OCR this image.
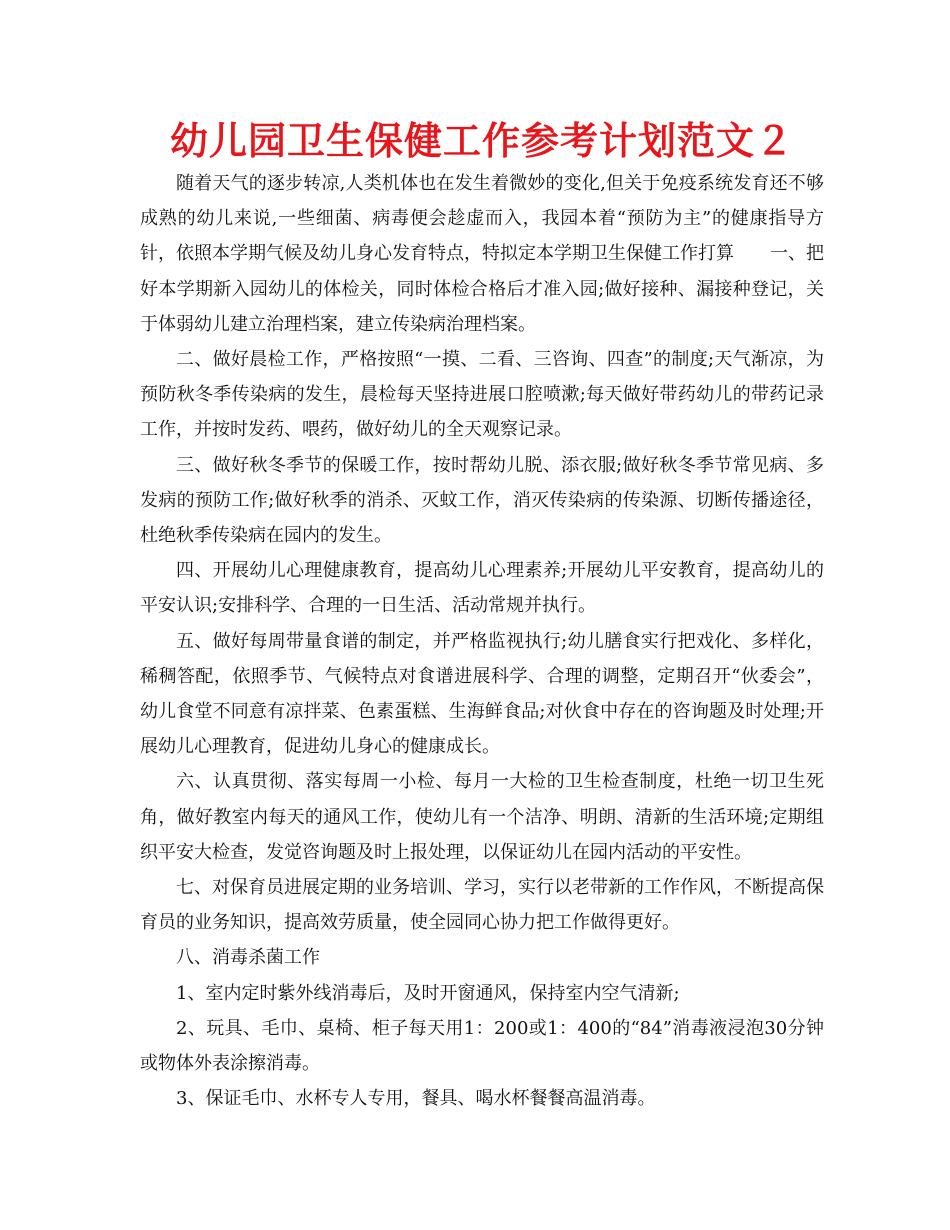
幼儿园卫生保健工作参考计划范文２

随着天气的逐步转凉,人类机体也在发生着微妙的变化,但关于免疫系统发育还不够成熟的幼儿来说,一些细菌、病毒便会趁虚而入，我园本着“预防为主”的健康指导方针，依照本学期气候及幼儿身心发育特点，特拟定本学期卫生保健工作打算　　一、把好本学期新入园幼儿的体检关，同时体检合格后才准入园;做好接种、漏接种登记，关于体弱幼儿建立治理档案，建立传染病治理档案。

二、做好晨检工作，严格按照“一摸、二看、三咨询、四查”的制度;天气渐凉，为预防秋冬季传染病的发生，晨检每天坚持进展口腔喷漱;每天做好带药幼儿的带药记录工作，并按时发药、喂药，做好幼儿的全天观察记录。

三、做好秋冬季节的保暖工作，按时帮幼儿脱、添衣服;做好秋冬季节常见病、多发病的预防工作;做好秋季的消杀、灭蚊工作，消灭传染病的传染源、切断传播途径，杜绝秋季传染病在园内的发生。

四、开展幼儿心理健康教育，提高幼儿心理素养;开展幼儿平安教育，提高幼儿的平安认识;安排科学、合理的一日生活、活动常规并执行。

五、做好每周带量食谱的制定，并严格监视执行;幼儿膳食实行把戏化、多样化，稀稠答配，依照季节、气候特点对食谱进展科学、合理的调整，定期召开“伙委会”，幼儿食堂不同意有凉拌菜、色素蛋糕、生海鲜食品;对伙食中存在的咨询题及时处理;开展幼儿心理教育，促进幼儿身心的健康成长。

六、认真贯彻、落实每周一小检、每月一大检的卫生检查制度，杜绝一切卫生死角，做好教室内每天的通风工作，使幼儿有一个洁净、明朗、清新的生活环境;定期组织平安大检查，发觉咨询题及时上报处理，以保证幼儿在园内活动的平安性。

七、对保育员进展定期的业务培训、学习，实行以老带新的工作作风，不断提高保育员的业务知识，提高效劳质量，使全园同心协力把工作做得更好。

八、消毒杀菌工作

1、室内定时紫外线消毒后，及时开窗通风，保持室内空气清新;

2、玩具、毛巾、桌椅、柜子每天用1：200或1：400的“84”消毒液浸泡30分钟或物体外表涂擦消毒。

3、保证毛巾、水杯专人专用，餐具、喝水杯餐餐高温消毒。
